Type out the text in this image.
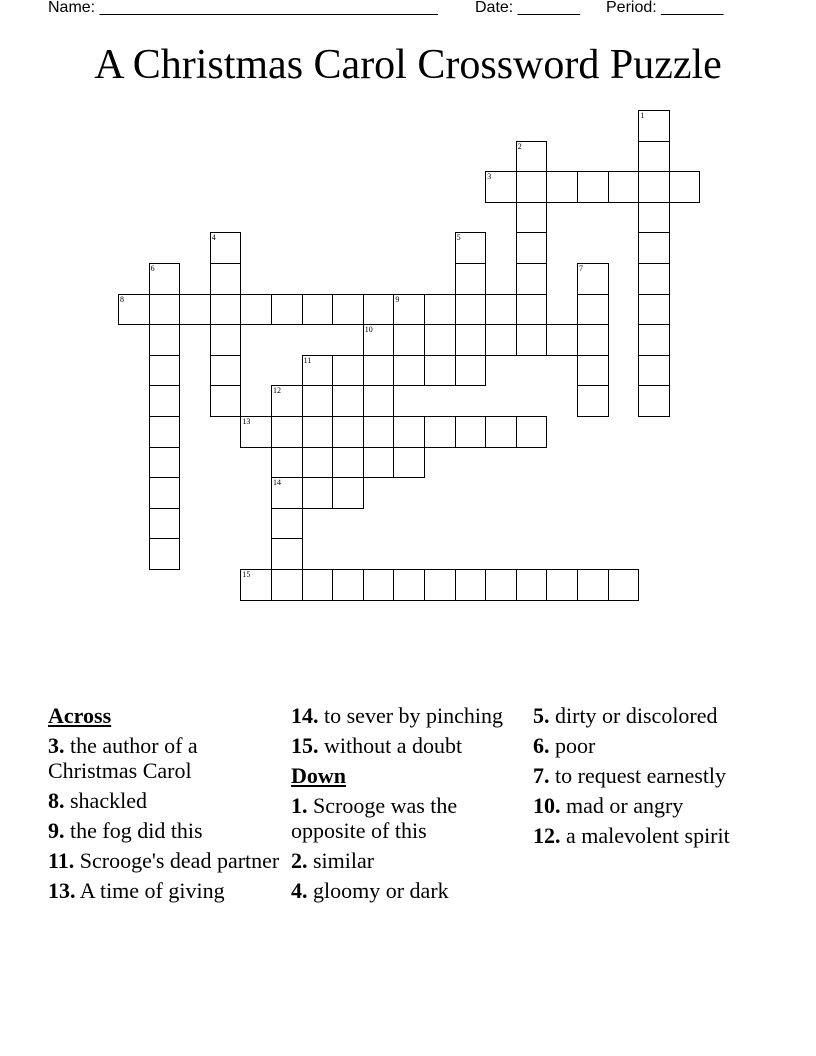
Name: ______________________________________ Date: _______ Period: _______
A Christmas Carol Crossword Puzzle
1
2
3
4	5
6	7
8	9
10
11
12
13
14
15
Across
3. the author of a Christmas Carol
8. shackled
9. the fog did this
11. Scrooge's dead partner
13. A time of giving
14. to sever by pinching
15. without a doubt
Down
1. Scrooge was the opposite of this
2. similar
4. gloomy or dark
5. dirty or discolored
6. poor
7. to request earnestly
10. mad or angry
12. a malevolent spirit
